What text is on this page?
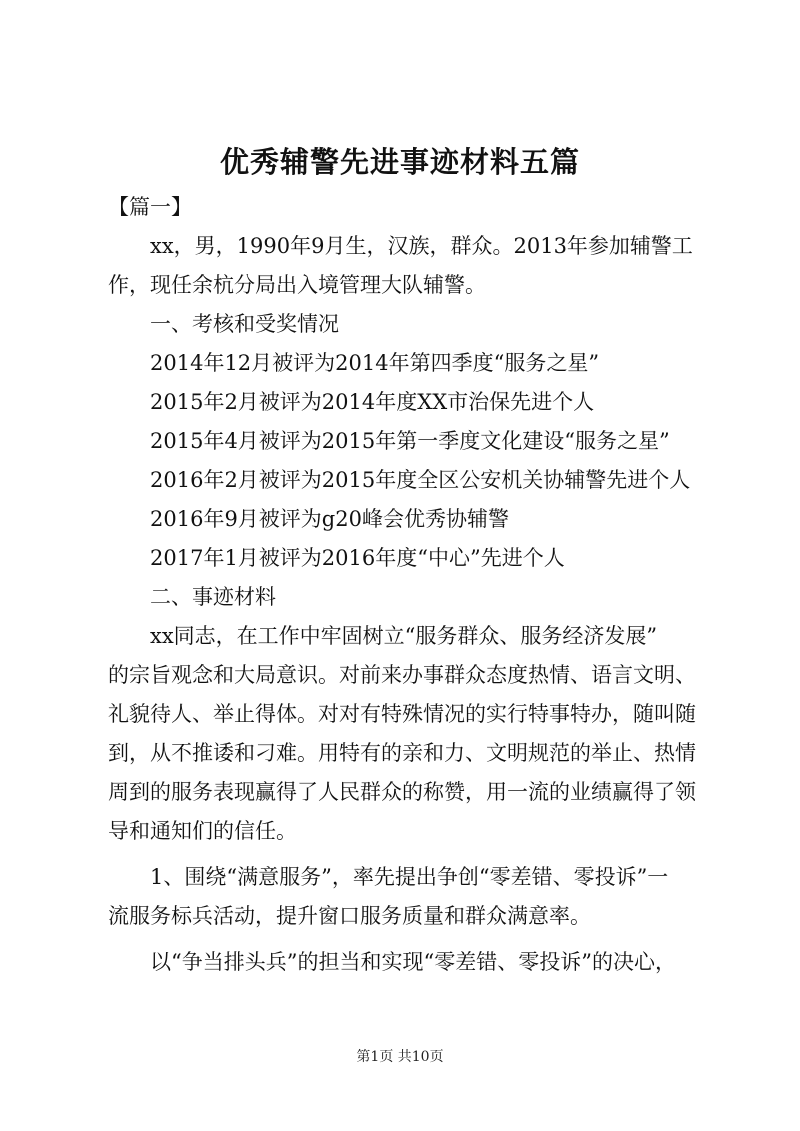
优秀辅警先进事迹材料五篇

【篇一】

xx，男，1990年9月生，汉族，群众。2013年参加辅警工

作，现任余杭分局出入境管理大队辅警。

一、考核和受奖情况

2014年12月被评为2014年第四季度“服务之星”

2015年2月被评为2014年度XX市治保先进个人

2015年4月被评为2015年第一季度文化建设“服务之星”

2016年2月被评为2015年度全区公安机关协辅警先进个人

2016年9月被评为g20峰会优秀协辅警

2017年1月被评为2016年度“中心”先进个人

二、事迹材料

xx同志，在工作中牢固树立“服务群众、服务经济发展”

的宗旨观念和大局意识。对前来办事群众态度热情、语言文明、

礼貌待人、举止得体。对对有特殊情况的实行特事特办，随叫随

到，从不推诿和刁难。用特有的亲和力、文明规范的举止、热情

周到的服务表现赢得了人民群众的称赞，用一流的业绩赢得了领

导和通知们的信任。

1、围绕“满意服务”，率先提出争创“零差错、零投诉”一

流服务标兵活动，提升窗口服务质量和群众满意率。

以“争当排头兵”的担当和实现“零差错、零投诉”的决心，

第1页 共10页
